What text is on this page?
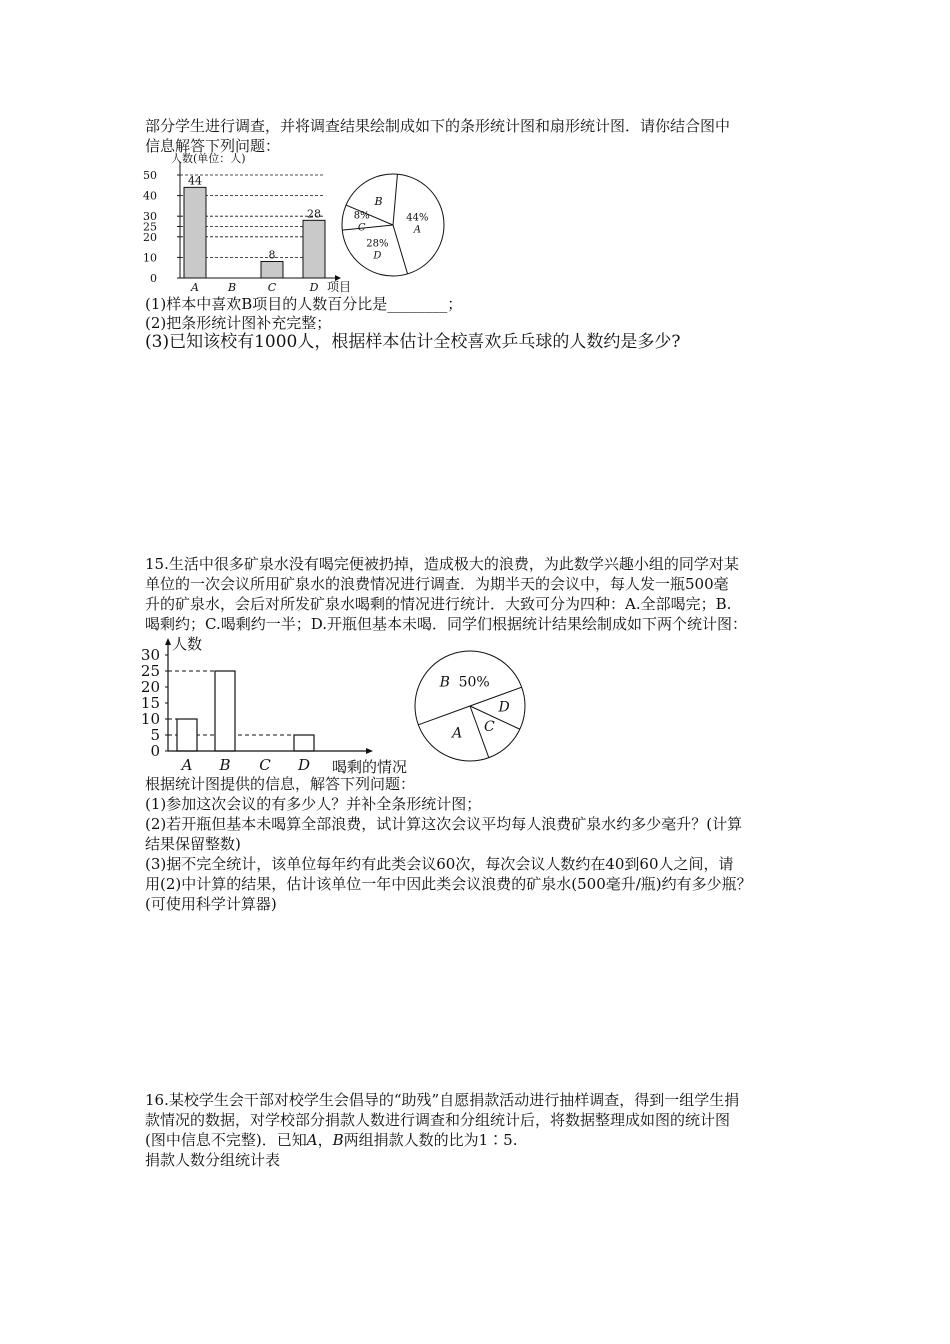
部分学生进行调查，并将调查结果绘制成如下的条形统计图和扇形统计图．请你结合图中
信息解答下列问题：
人数(单位：人)
0
10
20
25
30
40
50	44
8
28
A	B	C	D 项目
44%
A
28%
D
8%
C
B
(1)样本中喜欢B项目的人数百分比是________；
(2)把条形统计图补充完整；
(3)已知该校有1000人，根据样本估计全校喜欢乒乓球的人数约是多少?
15.生活中很多矿泉水没有喝完便被扔掉，造成极大的浪费，为此数学兴趣小组的同学对某
单位的一次会议所用矿泉水的浪费情况进行调查．为期半天的会议中，每人发一瓶500毫
升的矿泉水，会后对所发矿泉水喝剩的情况进行统计．大致可分为四种：A.全部喝完；B.
喝剩约；C.喝剩约一半；D.开瓶但基本未喝．同学们根据统计结果绘制成如下两个统计图：
人数
0
5
10
15
20
25
30
A B C D 喝剩的情况
B 50%
D
C
A
根据统计图提供的信息，解答下列问题：
(1)参加这次会议的有多少人？并补全条形统计图；
(2)若开瓶但基本未喝算全部浪费，试计算这次会议平均每人浪费矿泉水约多少毫升？(计算
结果保留整数)
(3)据不完全统计，该单位每年约有此类会议60次，每次会议人数约在40到60人之间，请
用(2)中计算的结果，估计该单位一年中因此类会议浪费的矿泉水(500毫升/瓶)约有多少瓶？
(可使用科学计算器)
16.某校学生会干部对校学生会倡导的“助残”自愿捐款活动进行抽样调查，得到一组学生捐
款情况的数据，对学校部分捐款人数进行调查和分组统计后，将数据整理成如图的统计图
(图中信息不完整)．已知A，B两组捐款人数的比为1∶5.
捐款人数分组统计表
